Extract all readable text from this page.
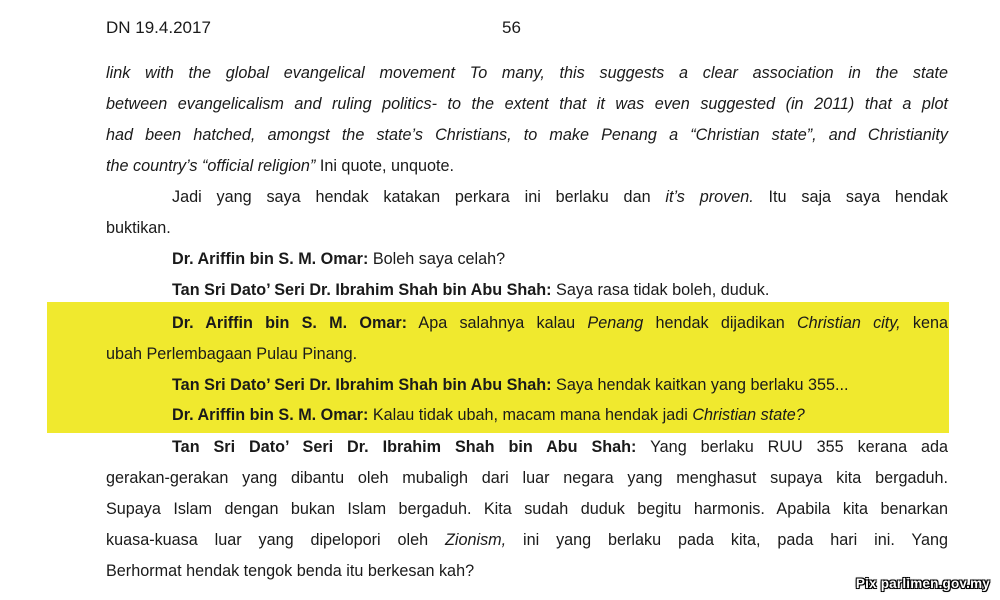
DN 19.4.2017	56
link with the global evangelical movement To many, this suggests a clear association in the state
between evangelicalism and ruling politics- to the extent that it was even suggested (in 2011) that a plot
had been hatched, amongst the state’s Christians, to make Penang a “Christian state”, and Christianity
the country’s “official religion” Ini quote, unquote.
Jadi yang saya hendak katakan perkara ini berlaku dan it’s proven. Itu saja saya hendak
buktikan.
Dr. Ariffin bin S. M. Omar: Boleh saya celah?
Tan Sri Dato’ Seri Dr. Ibrahim Shah bin Abu Shah: Saya rasa tidak boleh, duduk.
Dr. Ariffin bin S. M. Omar: Apa salahnya kalau Penang hendak dijadikan Christian city, kena
ubah Perlembagaan Pulau Pinang.
Tan Sri Dato’ Seri Dr. Ibrahim Shah bin Abu Shah: Saya hendak kaitkan yang berlaku 355...
Dr. Ariffin bin S. M. Omar: Kalau tidak ubah, macam mana hendak jadi Christian state?
Tan Sri Dato’ Seri Dr. Ibrahim Shah bin Abu Shah: Yang berlaku RUU 355 kerana ada
gerakan-gerakan yang dibantu oleh mubaligh dari luar negara yang menghasut supaya kita bergaduh.
Supaya Islam dengan bukan Islam bergaduh. Kita sudah duduk begitu harmonis. Apabila kita benarkan
kuasa-kuasa luar yang dipelopori oleh Zionism, ini yang berlaku pada kita, pada hari ini. Yang
Berhormat hendak tengok benda itu berkesan kah?
Pix parlimen.gov.my
